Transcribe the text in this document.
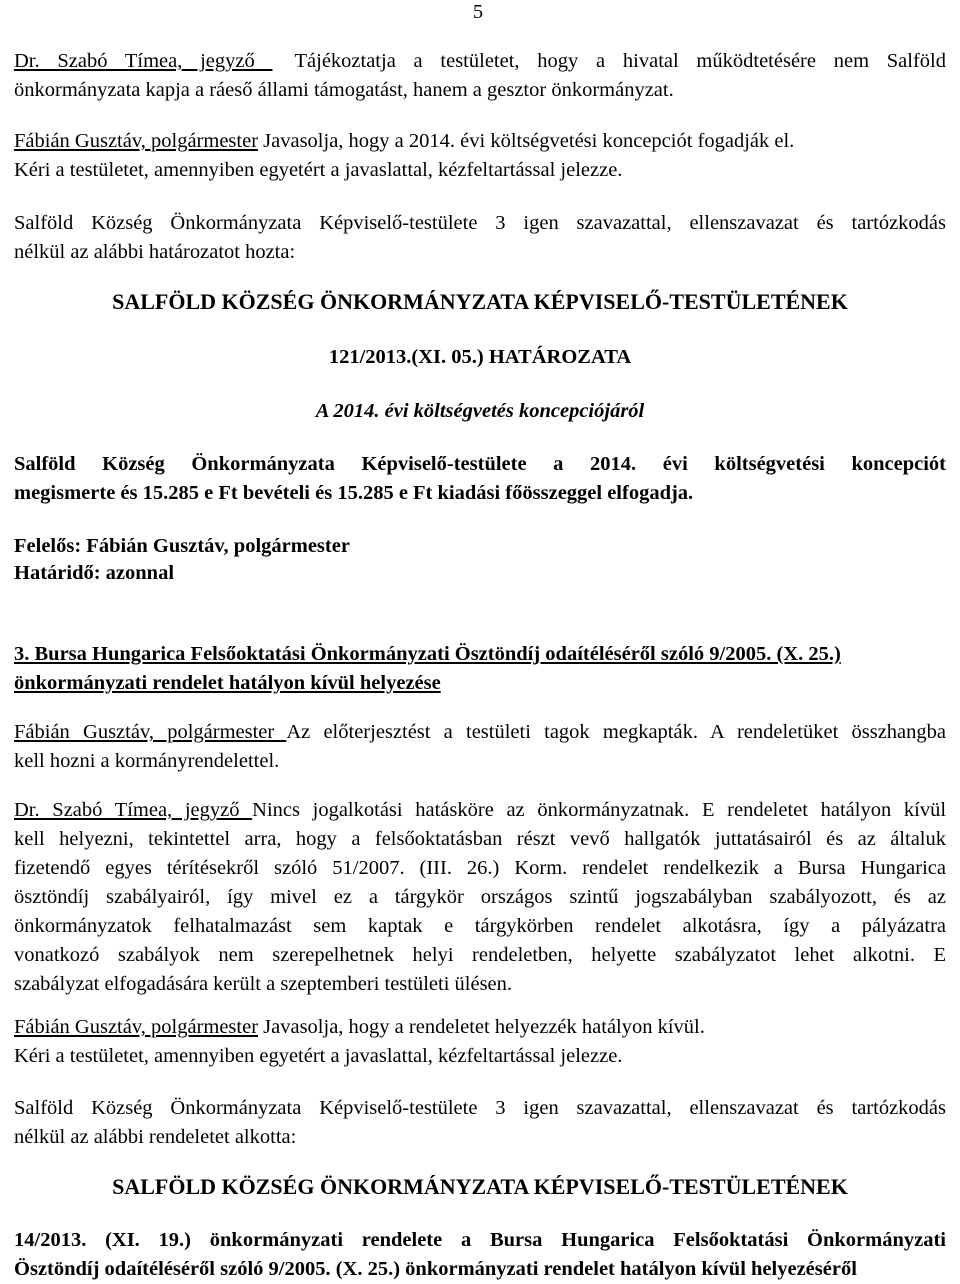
5
Dr. Szabó Tímea, jegyző Tájékoztatja a testületet, hogy a hivatal működtetésére nem Salföld
önkormányzata kapja a ráeső állami támogatást, hanem a gesztor önkormányzat.
Fábián Gusztáv, polgármester Javasolja, hogy a 2014. évi költségvetési koncepciót fogadják el.
Kéri a testületet, amennyiben egyetért a javaslattal, kézfeltartással jelezze.
Salföld Község Önkormányzata Képviselő-testülete 3 igen szavazattal, ellenszavazat és tartózkodás
nélkül az alábbi határozatot hozta:
SALFÖLD KÖZSÉG ÖNKORMÁNYZATA KÉPVISELŐ-TESTÜLETÉNEK
121/2013.(XI. 05.) HATÁROZATA
A 2014. évi költségvetés koncepciójáról
Salföld Község Önkormányzata Képviselő-testülete a 2014. évi költségvetési koncepciót
megismerte és 15.285 e Ft bevételi és 15.285 e Ft kiadási főösszeggel elfogadja.
Felelős: Fábián Gusztáv, polgármester
Határidő: azonnal
3. Bursa Hungarica Felsőoktatási Önkormányzati Ösztöndíj odaítéléséről szóló 9/2005. (X. 25.)
önkormányzati rendelet hatályon kívül helyezése
Fábián Gusztáv, polgármester Az előterjesztést a testületi tagok megkapták. A rendeletüket összhangba
kell hozni a kormányrendelettel.
Dr. Szabó Tímea, jegyző Nincs jogalkotási hatásköre az önkormányzatnak. E rendeletet hatályon kívül
kell helyezni, tekintettel arra, hogy a felsőoktatásban részt vevő hallgatók juttatásairól és az általuk
fizetendő egyes térítésekről szóló 51/2007. (III. 26.) Korm. rendelet rendelkezik a Bursa Hungarica
ösztöndíj szabályairól, így mivel ez a tárgykör országos szintű jogszabályban szabályozott, és az
önkormányzatok felhatalmazást sem kaptak e tárgykörben rendelet alkotásra, így a pályázatra
vonatkozó szabályok nem szerepelhetnek helyi rendeletben, helyette szabályzatot lehet alkotni. E
szabályzat elfogadására került a szeptemberi testületi ülésen.
Fábián Gusztáv, polgármester Javasolja, hogy a rendeletet helyezzék hatályon kívül.
Kéri a testületet, amennyiben egyetért a javaslattal, kézfeltartással jelezze.
Salföld Község Önkormányzata Képviselő-testülete 3 igen szavazattal, ellenszavazat és tartózkodás
nélkül az alábbi rendeletet alkotta:
SALFÖLD KÖZSÉG ÖNKORMÁNYZATA KÉPVISELŐ-TESTÜLETÉNEK
14/2013. (XI. 19.) önkormányzati rendelete a Bursa Hungarica Felsőoktatási Önkormányzati
Ösztöndíj odaítéléséről szóló 9/2005. (X. 25.) önkormányzati rendelet hatályon kívül helyezéséről
